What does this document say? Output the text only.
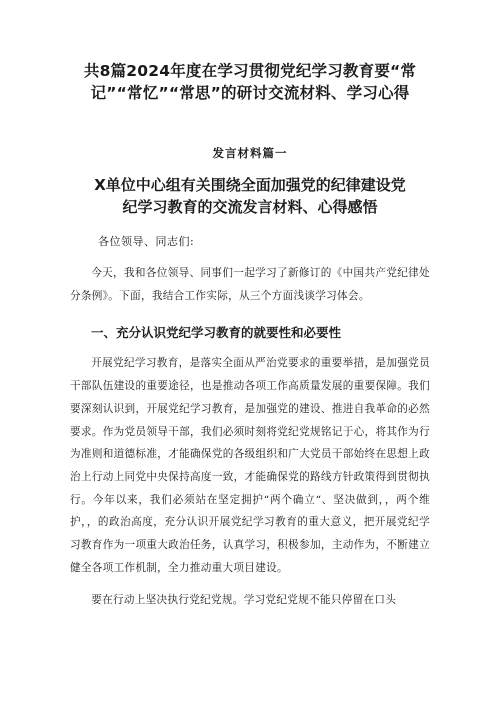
共8篇2024年度在学习贯彻党纪学习教育要“常
记”“常忆”“常思”的研讨交流材料、学习心得
发言材料篇一
X单位中心组有关围绕全面加强党的纪律建设党
纪学习教育的交流发言材料、心得感悟

各位领导、同志们:

今天，我和各位领导、同事们一起学习了新修订的《中国共产党纪律处分条例》。下面，我结合工作实际，从三个方面浅谈学习体会。

一、充分认识党纪学习教育的就要性和必要性

开展党纪学习教育，是落实全面从严治党要求的重要举措，是加强党员干部队伍建设的重要途径，也是推动各项工作高质量发展的重要保障。我们要深刻认识到，开展党纪学习教育，是加强党的建设、推进自我革命的必然要求。作为党员领导干部，我们必须时刻将党纪党规铭记于心，将其作为行为准则和道德标准，才能确保党的各级组织和广大党员干部始终在思想上政治上行动上同党中央保持高度一致，才能确保党的路线方针政策得到贯彻执行。今年以来，我们必须站在坚定拥护“两个确立“、坚决做到，，两个维护，，的政治高度，充分认识开展党纪学习教育的重大意义，把开展党纪学习教育作为一项重大政治任务，认真学习，积极参加，主动作为，不断建立健全各项工作机制，全力推动重大项目建设。

要在行动上坚决执行党纪党规。学习党纪党规不能只停留在口头
